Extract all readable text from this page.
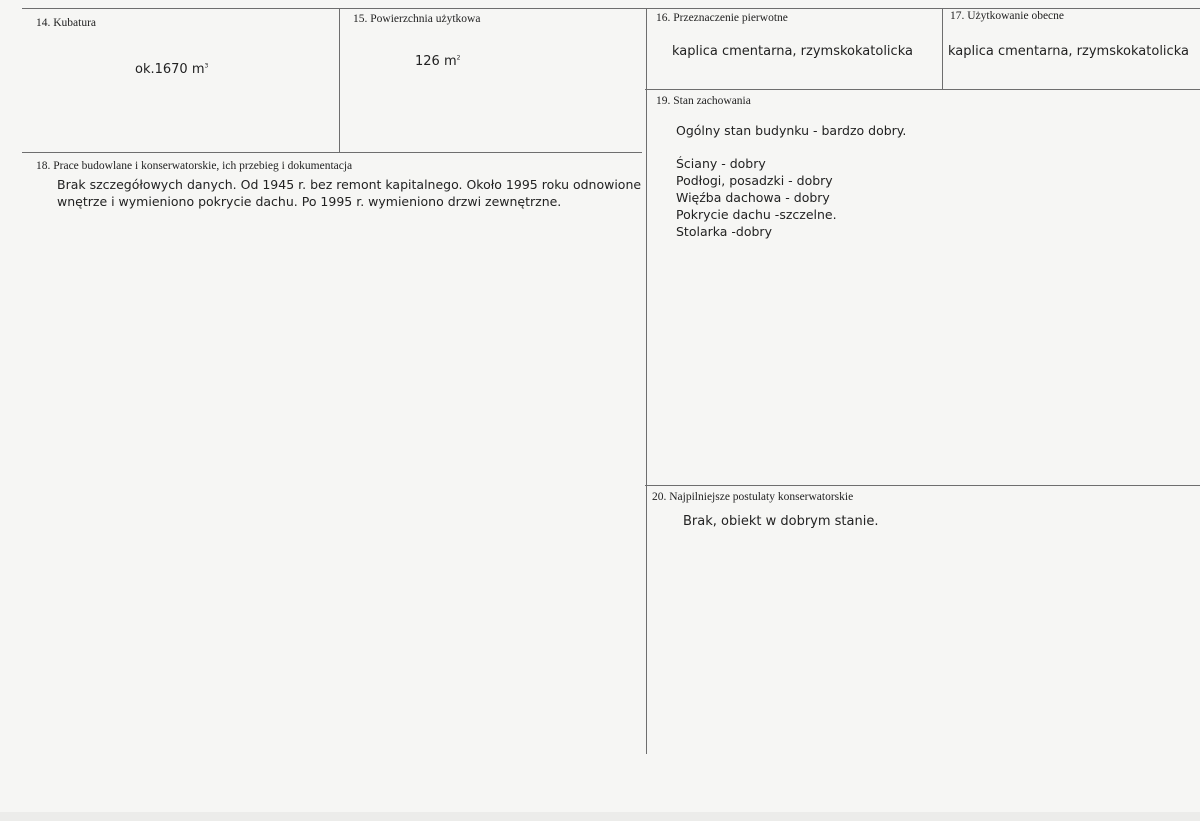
14. Kubatura
ok.1670 $m^3$
15. Powierzchnia użytkowa
126 $m^2$
16. Przeznaczenie pierwotne
kaplica cmentarna, rzymskokatolicka
17. Użytkowanie obecne
kaplica cmentarna, rzymskokatolicka
18. Prace budowlane i konserwatorskie, ich przebieg i dokumentacja
Brak szczegółowych danych. Od 1945 r. bez remont kapitalnego. Około 1995 roku odnowione
wnętrze i wymieniono pokrycie dachu. Po 1995 r. wymieniono drzwi zewnętrzne.
19. Stan zachowania
Ogólny stan budynku - bardzo dobry.
Ściany - dobry
Podłogi, posadzki - dobry
Więźba dachowa - dobry
Pokrycie dachu -szczelne.
Stolarka -dobry
20. Najpilniejsze postulaty konserwatorskie
Brak, obiekt w dobrym stanie.
